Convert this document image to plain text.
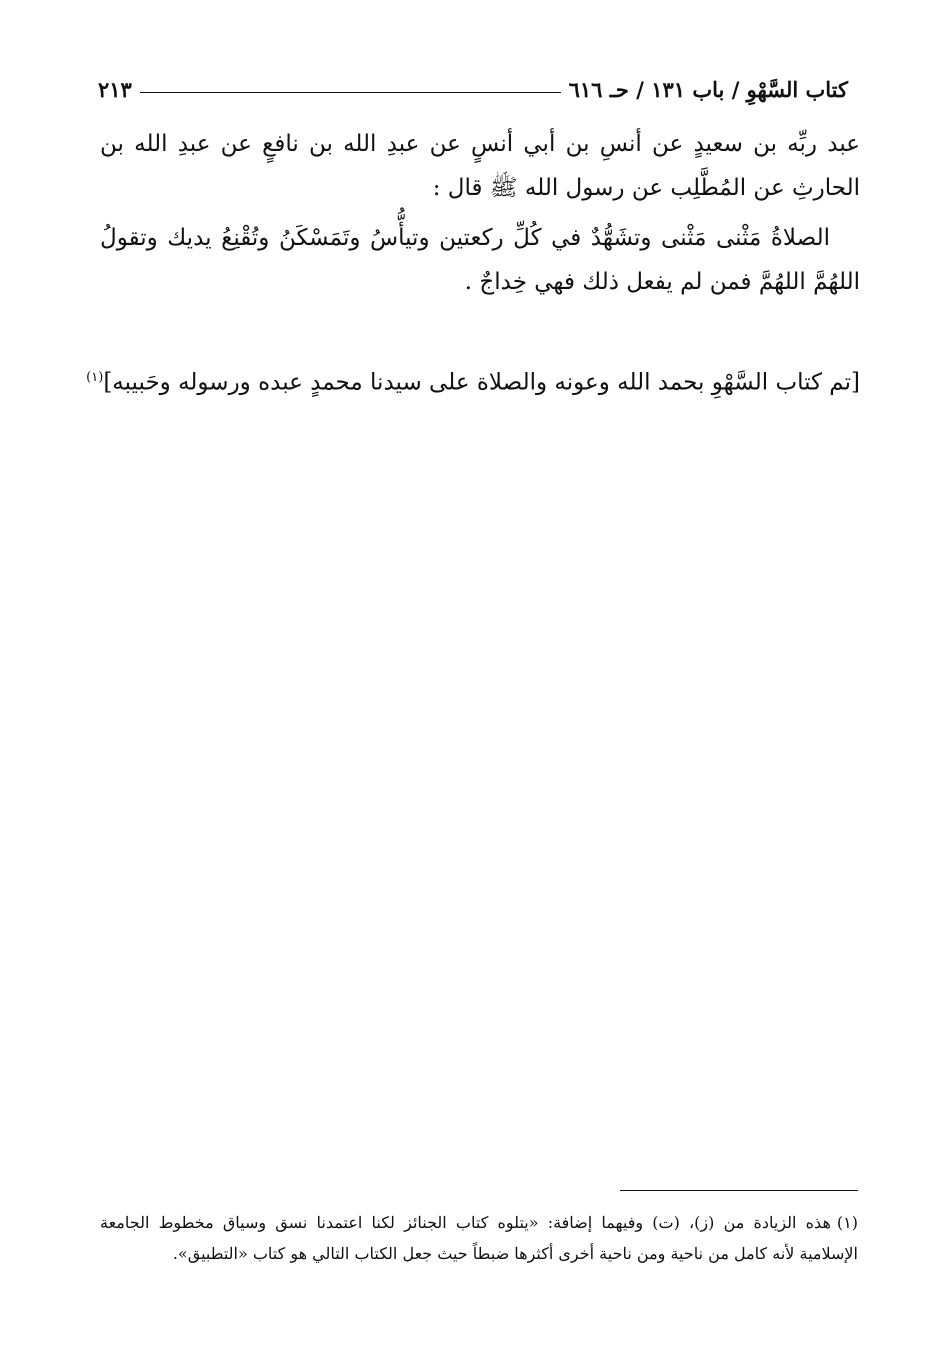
كتاب السَّهْوِ / باب ١٣١ / حـ ٦١٦
٢١٣
عبد ربِّه بن سعيدٍ عن أنسِ بن أبي أنسٍ عن عبدِ الله بن نافعٍ عن عبدِ الله بن الحارثِ عن المُطَّلِب عن رسول الله ﷺ قال :
الصلاةُ مَثْنى مَثْنى وتشَهُّدٌ في كُلِّ ركعتين وتيأُّسُ وتَمَسْكَنُ وتُقْنِعُ يديك وتقولُ اللهُمَّ اللهُمَّ فمن لم يفعل ذلك فهي خِداجٌ .
[تم كتاب السَّهْوِ بحمد الله وعونه والصلاة على سيدنا محمدٍ عبده ورسوله وحَبيبه]$^{(١)}$
(١)هذه الزيادة من (ز)، (ت) وفيهما إضافة: «يتلوه كتاب الجنائز لكنا اعتمدنا نسق وسياق مخطوط الجامعة الإسلامية لأنه كامل من ناحية ومن ناحية أخرى أكثرها ضبطاً حيث جعل الكتاب التالي هو كتاب «التطبيق».
